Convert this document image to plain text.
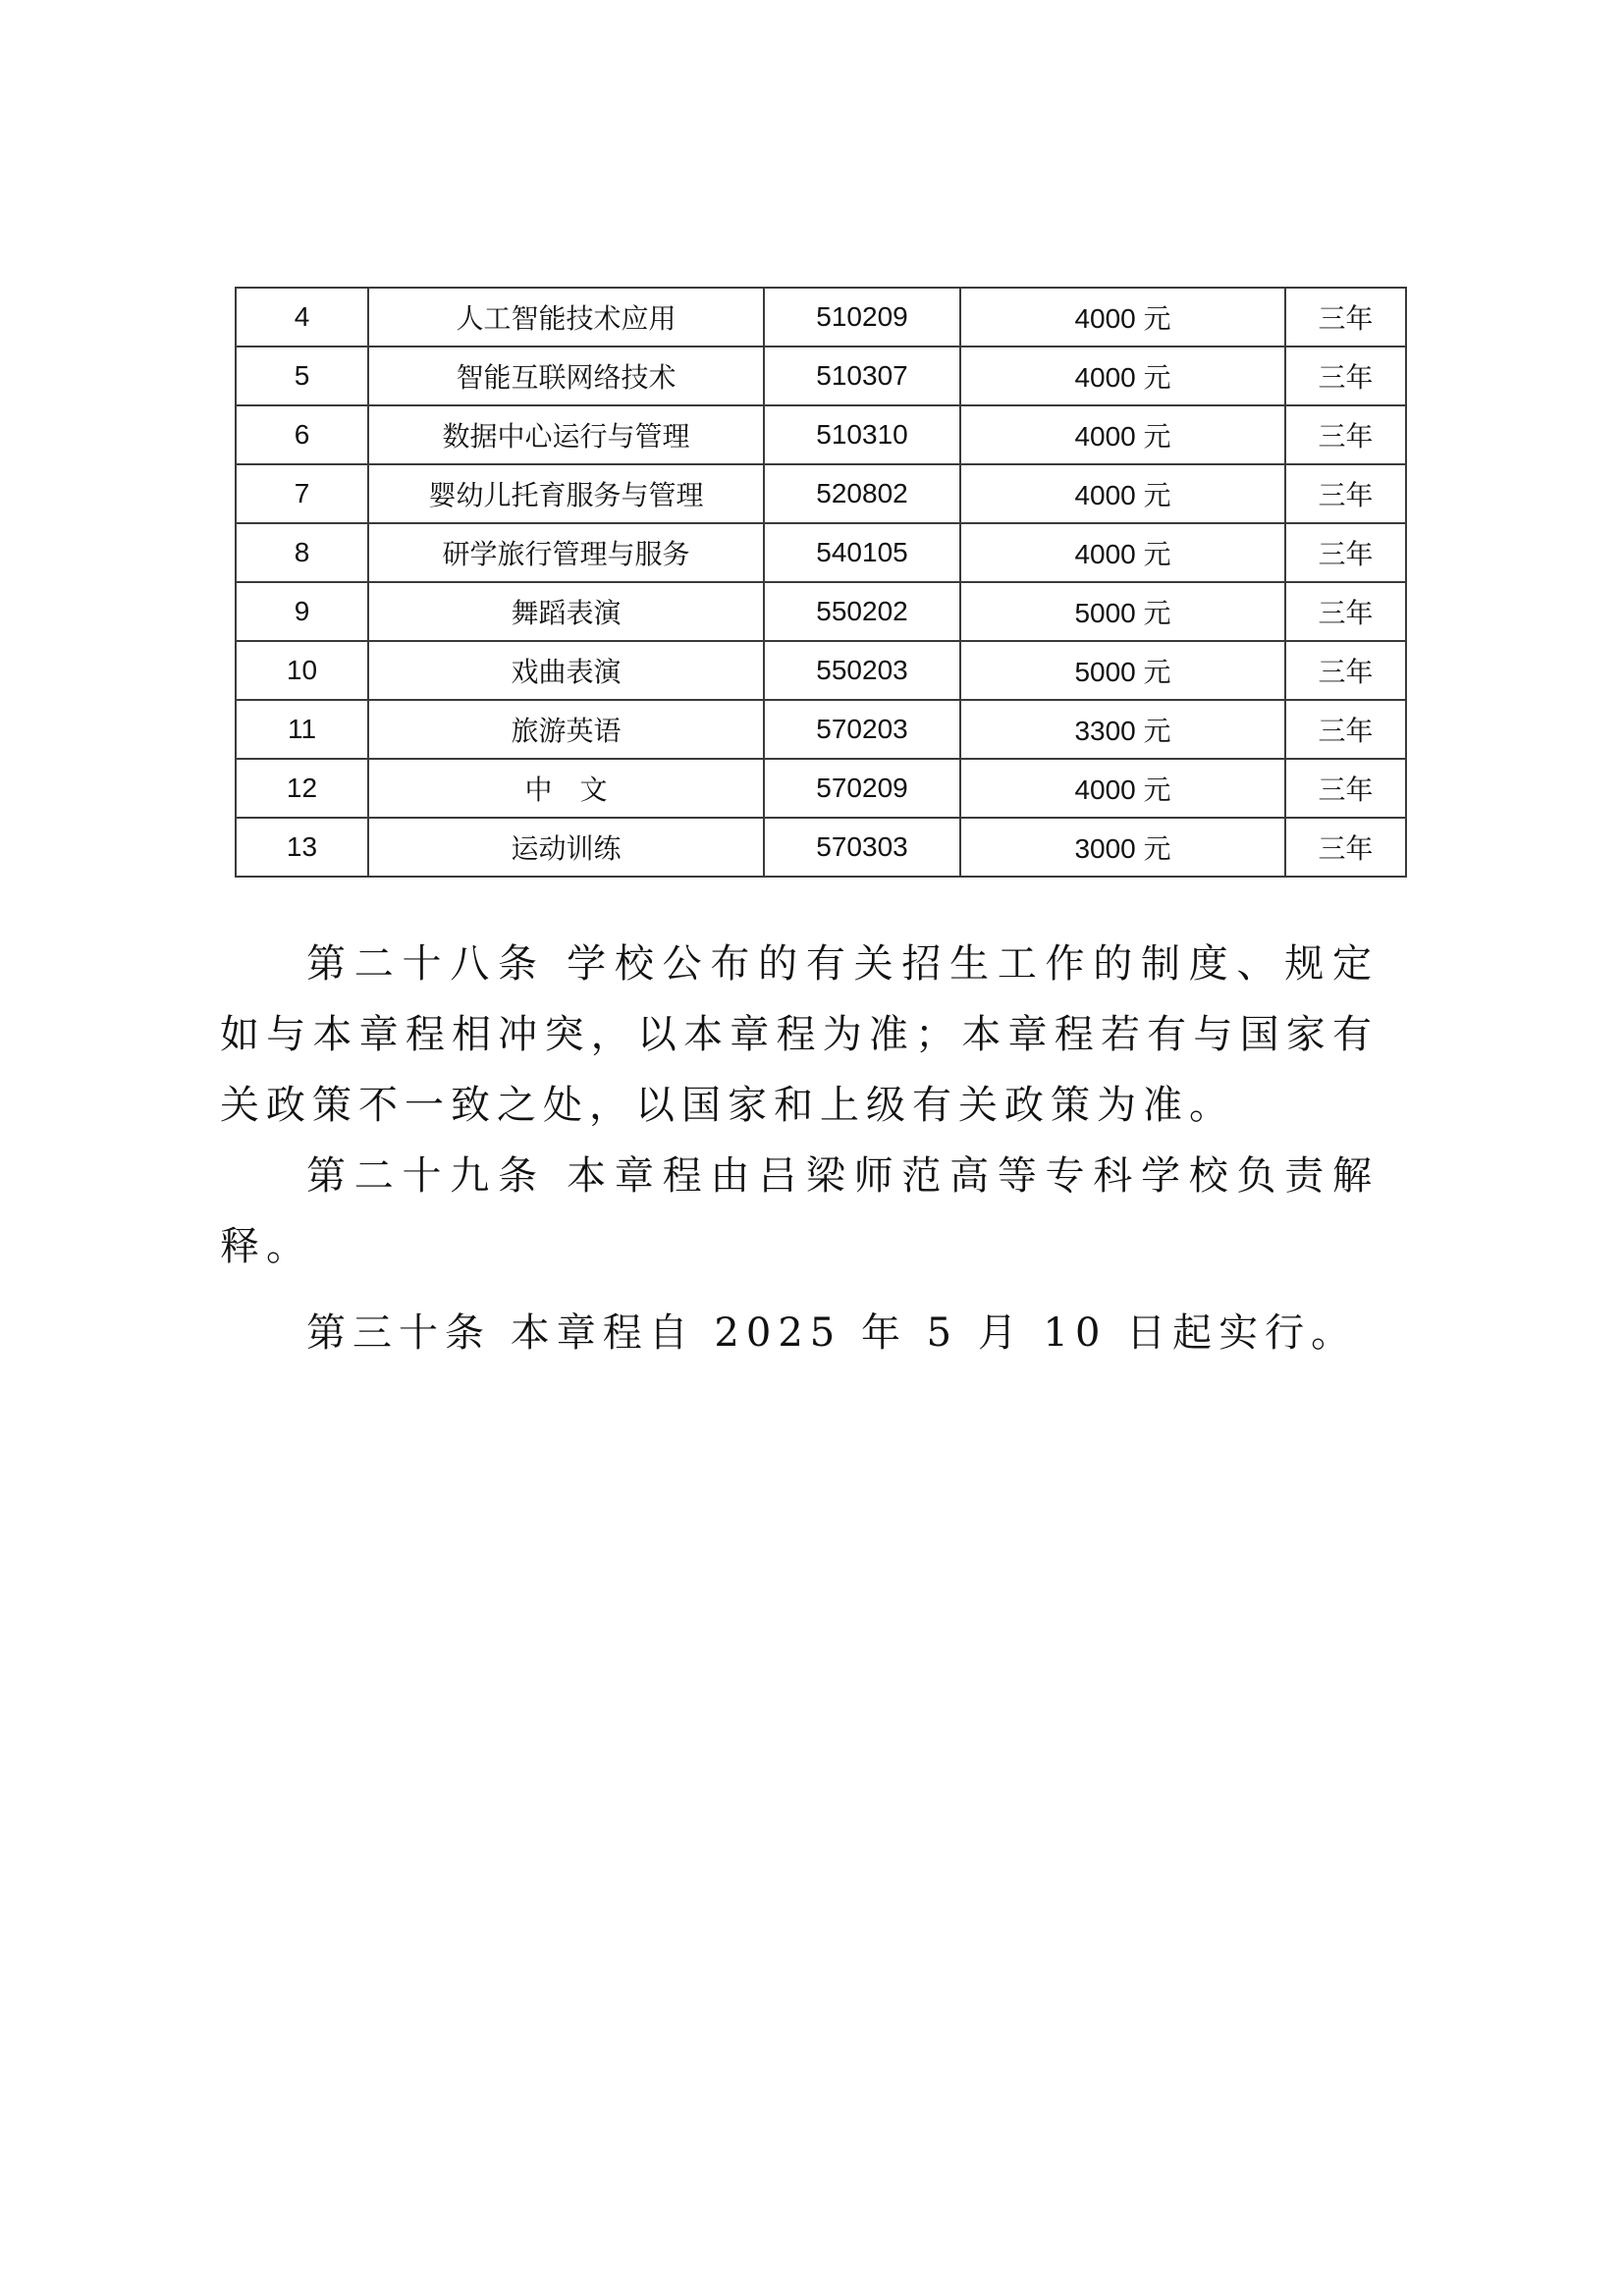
4	人工智能技术应用	510209	4000 元	三年
5	智能互联网络技术	510307	4000 元	三年
6	数据中心运行与管理	510310	4000 元	三年
7	婴幼儿托育服务与管理	520802	4000 元	三年
8	研学旅行管理与服务	540105	4000 元	三年
9	舞蹈表演	550202	5000 元	三年
10	戏曲表演	550203	5000 元	三年
11	旅游英语	570203	3300 元	三年
12	中　文	570209	4000 元	三年
13	运动训练	570303	3000 元	三年

第二十八条 学校公布的有关招生工作的制度、规定如与本章程相冲突，以本章程为准；本章程若有与国家有关政策不一致之处，以国家和上级有关政策为准。

第二十九条 本章程由吕梁师范高等专科学校负责解释。

第三十条 本章程自 2025 年 5 月 10 日起实行。
